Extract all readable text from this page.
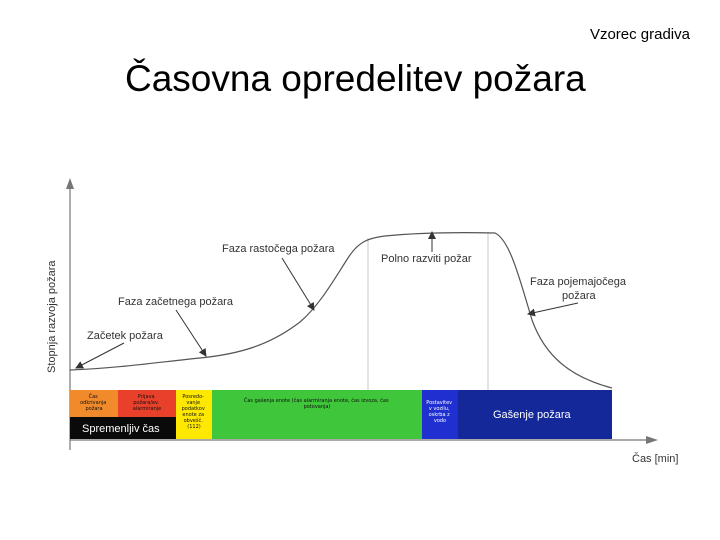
Vzorec gradiva
Časovna opredelitev požara
Stopnja razvoja požara
Čas [min]
Začetek požara
Faza začetnega požara
Faza rastočega požara
Polno razviti požar
Faza pojemajočega
požara
Čas odkrivanja požara
Prijava požara/ev. alarmiranje
Spremenljiv čas
Posredo- vanje podatkov enote za obvešč. (112)
Čas gašenja enote (čas alarmiranja enote, čas izvoza, čas potovanja)
Postavitev v vozilu, oskrba z vodo	Gašenje požara
